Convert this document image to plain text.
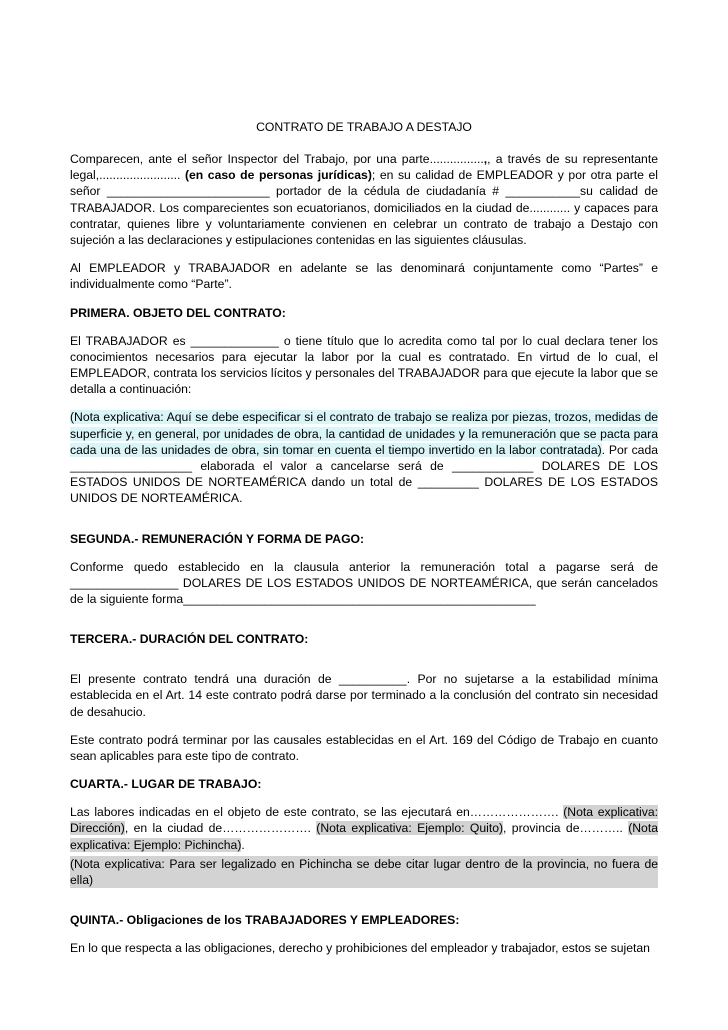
CONTRATO DE TRABAJO A DESTAJO

Comparecen, ante el señor Inspector del Trabajo, por una parte................,, a través de su representante legal,........................ (en caso de personas jurídicas); en su calidad de EMPLEADOR y por otra parte el señor ________________________ portador de la cédula de ciudadanía # ___________su calidad de TRABAJADOR. Los comparecientes son ecuatorianos, domiciliados en la ciudad de............ y capaces para contratar, quienes libre y voluntariamente convienen en celebrar un contrato de trabajo a Destajo con sujeción a las declaraciones y estipulaciones contenidas en las siguientes cláusulas.

Al EMPLEADOR y TRABAJADOR en adelante se las denominará conjuntamente como “Partes” e individualmente como “Parte”.

PRIMERA. OBJETO DEL CONTRATO:

El TRABAJADOR es _____________ o tiene título que lo acredita como tal por lo cual declara tener los conocimientos necesarios para ejecutar la labor por la cual es contratado. En virtud de lo cual, el EMPLEADOR, contrata los servicios lícitos y personales del TRABAJADOR para que ejecute la labor que se detalla a continuación:

(Nota explicativa: Aquí se debe especificar si el contrato de trabajo se realiza por piezas, trozos, medidas de superficie y, en general, por unidades de obra, la cantidad de unidades y la remuneración que se pacta para cada una de las unidades de obra, sin tomar en cuenta el tiempo invertido en la labor contratada). Por cada __________________ elaborada el valor a cancelarse será de ____________ DOLARES DE LOS ESTADOS UNIDOS DE NORTEAMÉRICA dando un total de _________ DOLARES DE LOS ESTADOS UNIDOS DE NORTEAMÉRICA.

SEGUNDA.- REMUNERACIÓN Y FORMA DE PAGO:

Conforme quedo establecido en la clausula anterior la remuneración total a pagarse será de ________________ DOLARES DE LOS ESTADOS UNIDOS DE NORTEAMÉRICA, que serán cancelados de la siguiente forma____________________________________________________

TERCERA.- DURACIÓN DEL CONTRATO:

El presente contrato tendrá una duración de __________. Por no sujetarse a la estabilidad mínima establecida en el Art. 14 este contrato podrá darse por terminado a la conclusión del contrato sin necesidad de desahucio.

Este contrato podrá terminar por las causales establecidas en el Art. 169 del Código de Trabajo en cuanto sean aplicables para este tipo de contrato.

CUARTA.- LUGAR DE TRABAJO:

Las labores indicadas en el objeto de este contrato, se las ejecutará en…………………. (Nota explicativa: Dirección), en la ciudad de…………………. (Nota explicativa: Ejemplo: Quito), provincia de……….. (Nota explicativa: Ejemplo: Pichincha).

(Nota explicativa: Para ser legalizado en Pichincha se debe citar lugar dentro de la provincia, no fuera de ella)

QUINTA.- Obligaciones de los TRABAJADORES Y EMPLEADORES:

En lo que respecta a las obligaciones, derecho y prohibiciones del empleador y trabajador, estos se sujetan
